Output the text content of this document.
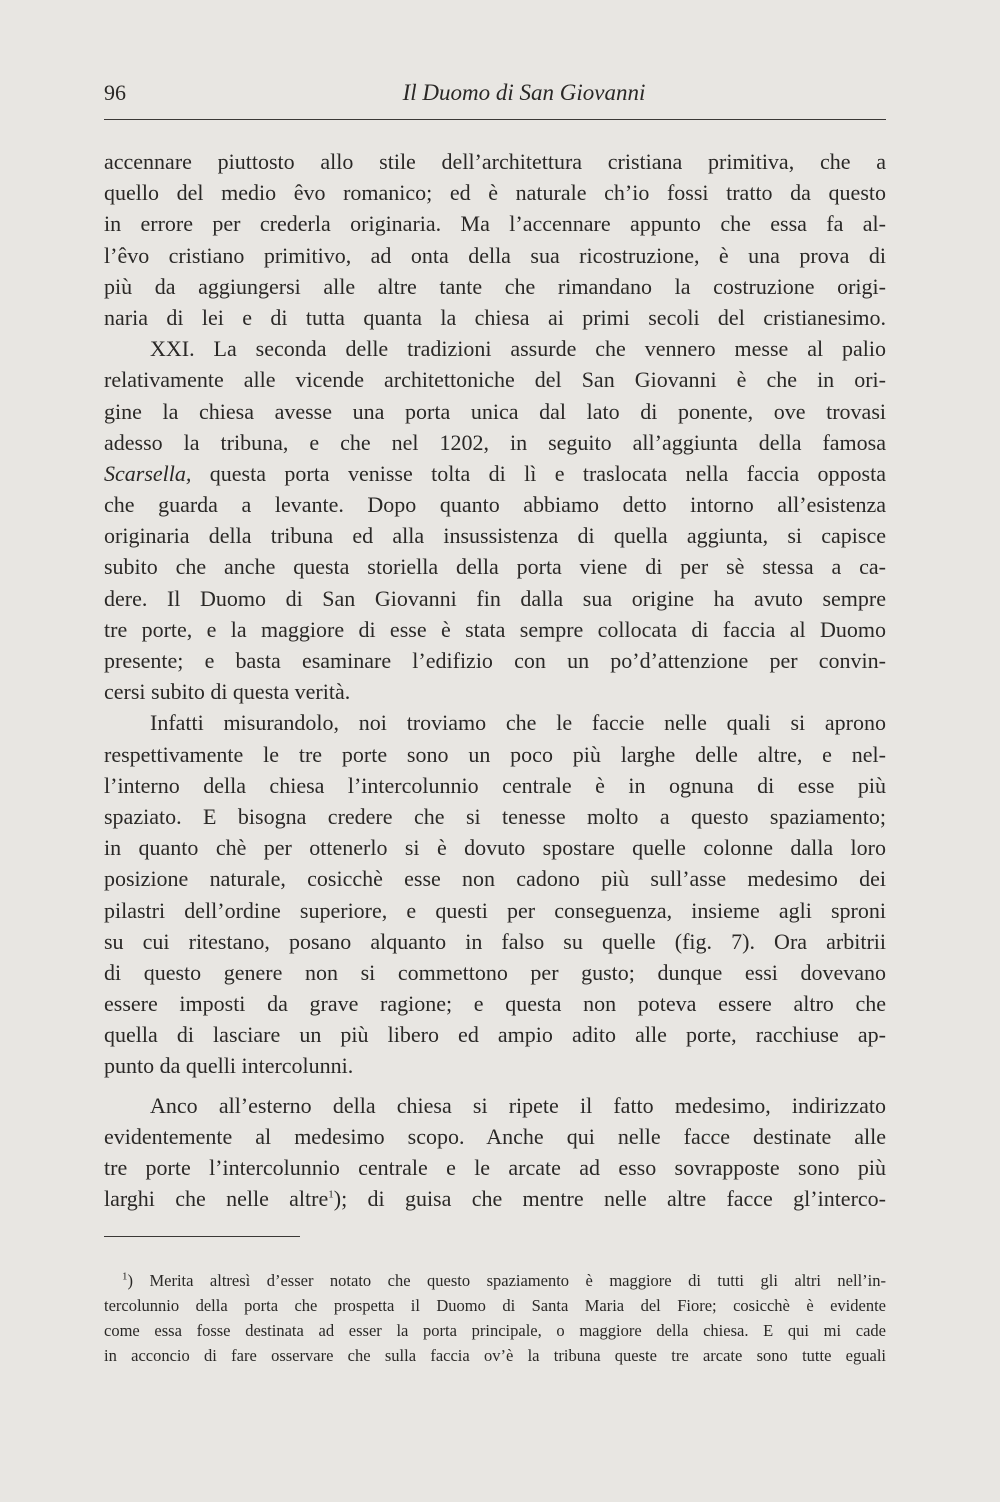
96	Il Duomo di San Giovanni
accennare piuttosto allo stile dell’architettura cristiana primitiva, che a
quello del medio êvo romanico; ed è naturale ch’io fossi tratto da questo
in errore per crederla originaria. Ma l’accennare appunto che essa fa al-
l’êvo cristiano primitivo, ad onta della sua ricostruzione, è una prova di
più da aggiungersi alle altre tante che rimandano la costruzione origi-
naria di lei e di tutta quanta la chiesa ai primi secoli del cristianesimo.
XXI. La seconda delle tradizioni assurde che vennero messe al palio
relativamente alle vicende architettoniche del San Giovanni è che in ori-
gine la chiesa avesse una porta unica dal lato di ponente, ove trovasi
adesso la tribuna, e che nel 1202, in seguito all’aggiunta della famosa
Scarsella, questa porta venisse tolta di lì e traslocata nella faccia opposta
che guarda a levante. Dopo quanto abbiamo detto intorno all’esistenza
originaria della tribuna ed alla insussistenza di quella aggiunta, si capisce
subito che anche questa storiella della porta viene di per sè stessa a ca-
dere. Il Duomo di San Giovanni fin dalla sua origine ha avuto sempre
tre porte, e la maggiore di esse è stata sempre collocata di faccia al Duomo
presente; e basta esaminare l’edifizio con un po’d’attenzione per convin-
cersi subito di questa verità.
Infatti misurandolo, noi troviamo che le faccie nelle quali si aprono
respettivamente le tre porte sono un poco più larghe delle altre, e nel-
l’interno della chiesa l’intercolunnio centrale è in ognuna di esse più
spaziato. E bisogna credere che si tenesse molto a questo spaziamento;
in quanto chè per ottenerlo si è dovuto spostare quelle colonne dalla loro
posizione naturale, cosicchè esse non cadono più sull’asse medesimo dei
pilastri dell’ordine superiore, e questi per conseguenza, insieme agli sproni
su cui ritestano, posano alquanto in falso su quelle (fig. 7). Ora arbitrii
di questo genere non si commettono per gusto; dunque essi dovevano
essere imposti da grave ragione; e questa non poteva essere altro che
quella di lasciare un più libero ed ampio adito alle porte, racchiuse ap-
punto da quelli intercolunni.
Anco all’esterno della chiesa si ripete il fatto medesimo, indirizzato
evidentemente al medesimo scopo. Anche qui nelle facce destinate alle
tre porte l’intercolunnio centrale e le arcate ad esso sovrapposte sono più
larghi che nelle altre$^1$); di guisa che mentre nelle altre facce gl’interco-
$^1$) Merita altresì d’esser notato che questo spaziamento è maggiore di tutti gli altri nell’in-
tercolunnio della porta che prospetta il Duomo di Santa Maria del Fiore; cosicchè è evidente
come essa fosse destinata ad esser la porta principale, o maggiore della chiesa. E qui mi cade
in acconcio di fare osservare che sulla faccia ov’è la tribuna queste tre arcate sono tutte eguali
